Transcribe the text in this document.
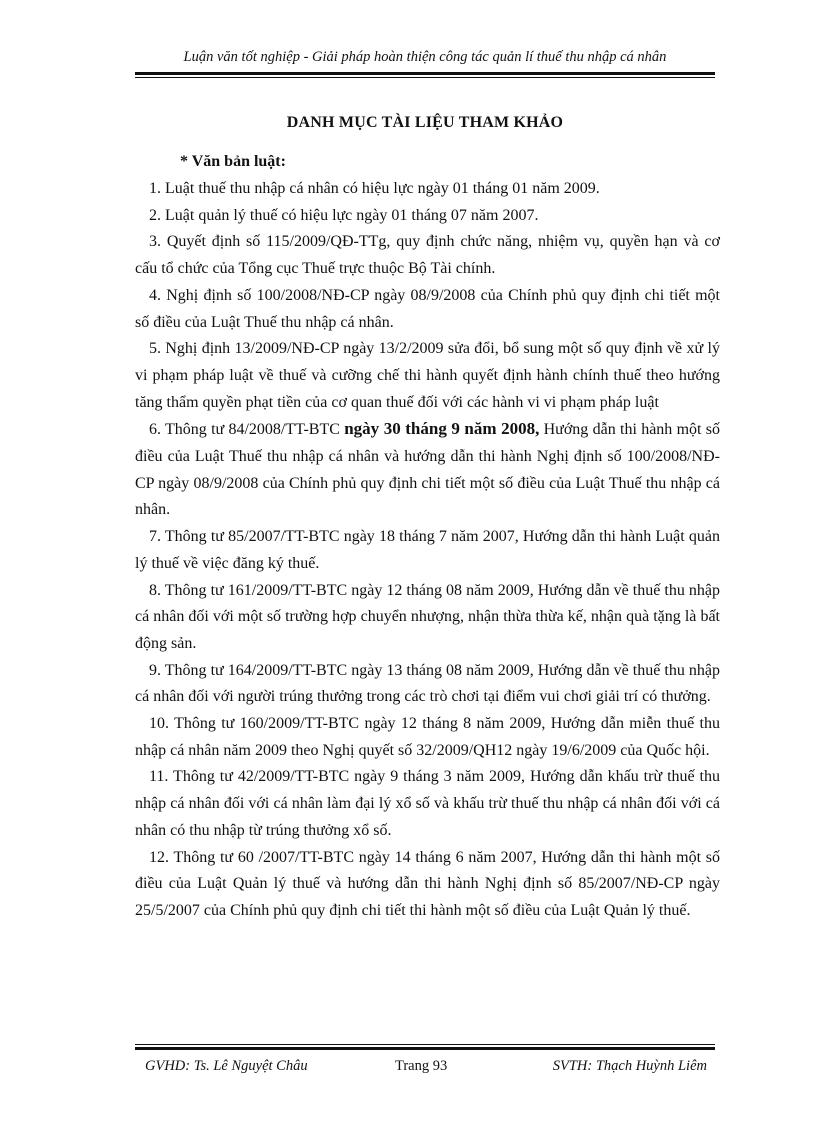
Luận văn tốt nghiệp - Giải pháp hoàn thiện công tác quản lí thuế thu nhập cá nhân
DANH MỤC TÀI LIỆU THAM KHẢO
* Văn bản luật:

1. Luật thuế thu nhập cá nhân có hiệu lực ngày 01 tháng 01 năm 2009.

2. Luật quản lý thuế có hiệu lực ngày 01 tháng 07 năm 2007.

3. Quyết định số 115/2009/QĐ-TTg, quy định chức năng, nhiệm vụ, quyền hạn và cơ cấu tổ chức của Tổng cục Thuế trực thuộc Bộ Tài chính.

4. Nghị định số 100/2008/NĐ-CP ngày 08/9/2008 của Chính phủ quy định chi tiết một số điều của Luật Thuế thu nhập cá nhân.

5. Nghị định 13/2009/NĐ-CP ngày 13/2/2009 sửa đổi, bổ sung một số quy định về xử lý vi phạm pháp luật về thuế và cưỡng chế thi hành quyết định hành chính thuế theo hướng tăng thẩm quyền phạt tiền của cơ quan thuế đối với các hành vi vi phạm pháp luật

6. Thông tư 84/2008/TT-BTC ngày 30 tháng 9 năm 2008, Hướng dẫn thi hành một số điều của Luật Thuế thu nhập cá nhân và hướng dẫn thi hành Nghị định số 100/2008/NĐ-CP ngày 08/9/2008 của Chính phủ quy định chi tiết một số điều của Luật Thuế thu nhập cá nhân.

7. Thông tư 85/2007/TT-BTC ngày 18 tháng 7 năm 2007, Hướng dẫn thi hành Luật quản lý thuế về việc đăng ký thuế.

8. Thông tư 161/2009/TT-BTC ngày 12 tháng 08 năm 2009, Hướng dẫn về thuế thu nhập cá nhân đối với một số trường hợp chuyển nhượng, nhận thừa thừa kế, nhận quà tặng là bất động sản.

9. Thông tư 164/2009/TT-BTC ngày 13 tháng 08 năm 2009, Hướng dẫn về thuế thu nhập cá nhân đối với người trúng thưởng trong các trò chơi tại điểm vui chơi giải trí có thưởng.

10. Thông tư 160/2009/TT-BTC ngày 12 tháng 8 năm 2009, Hướng dẫn miễn thuế thu nhập cá nhân năm 2009 theo Nghị quyết số 32/2009/QH12 ngày 19/6/2009 của Quốc hội.

11. Thông tư 42/2009/TT-BTC ngày 9 tháng 3 năm 2009, Hướng dẫn khấu trừ thuế thu nhập cá nhân đối với cá nhân làm đại lý xổ số và khấu trừ thuế thu nhập cá nhân đối với cá nhân có thu nhập từ trúng thưởng xổ số.

12. Thông tư 60 /2007/TT-BTC ngày 14 tháng 6 năm 2007, Hướng dẫn thi hành một số điều của Luật Quản lý thuế và hướng dẫn thi hành Nghị định số 85/2007/NĐ-CP ngày 25/5/2007 của Chính phủ quy định chi tiết thi hành một số điều của Luật Quản lý thuế.

GVHD: Ts. Lê Nguyệt Châu	Trang 93	SVTH: Thạch Huỳnh Liêm
